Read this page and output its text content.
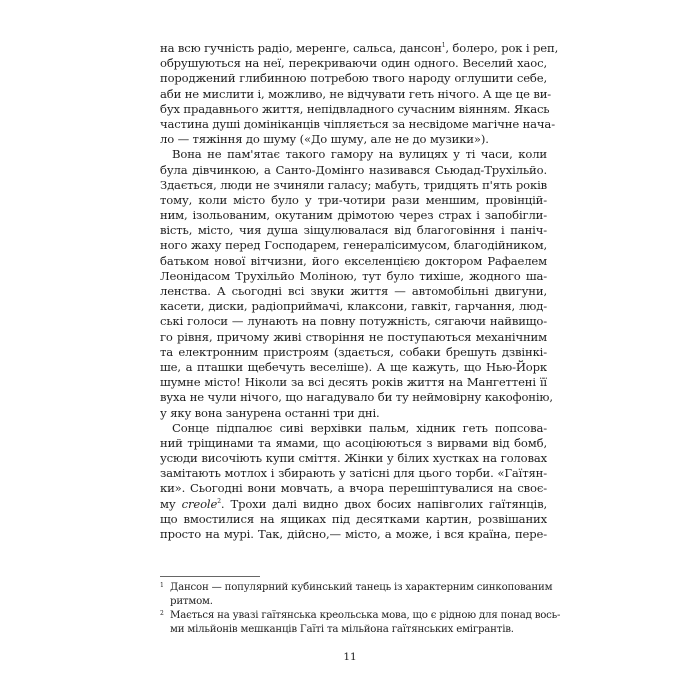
на всю гучність радіо, меренге, сальса, дансон$^1$, болеро, рок і реп,
обрушуються на неї, перекриваючи один одного. Веселий хаос,
породжений глибинною потребою твого народу оглушити себе,
аби не мислити і, можливо, не відчувати геть нічого. А ще це ви-
бух прадавнього життя, непідвладного сучасним віянням. Якась
частина душі домініканців чіпляється за несвідоме магічне нача-
ло — тяжіння до шуму («До шуму, але не до музики»).
Вона не пам'ятає такого гамору на вулицях у ті часи, коли
була дівчинкою, а Санто-Домінго називався Сьюдад-Трухільйо.
Здається, люди не зчиняли галасу; мабуть, тридцять п'ять років
тому, коли місто було у три-чотири рази меншим, провінцій-
ним, ізольованим, окутаним дрімотою через страх і запобігли-
вість, місто, чия душа зіщулювалася від благоговіння і паніч-
ного жаху перед Господарем, генералісимусом, благодійником,
батьком нової вітчизни, його екселенцією доктором Рафаелем
Леонідасом Трухільйо Моліною, тут було тихіше, жодного ша-
ленства. А сьогодні всі звуки життя — автомобільні двигуни,
касети, диски, радіоприймачі, клаксони, гавкіт, гарчання, люд-
ські голоси — лунають на повну потужність, сягаючи найвищо-
го рівня, причому живі створіння не поступаються механічним
та електронним пристроям (здається, собаки брешуть дзвінкі-
ше, а пташки щебечуть веселіше). А ще кажуть, що Нью-Йорк
шумне місто! Ніколи за всі десять років життя на Мангеттені її
вуха не чули нічого, що нагадувало би ту неймовірну какофонію,
у яку вона занурена останні три дні.
Сонце підпалює сиві верхівки пальм, хідник геть попсова-
ний тріщинами та ямами, що асоціюються з вирвами від бомб,
усюди височіють купи сміття. Жінки у білих хустках на головах
замітають мотлох і збирають у затісні для цього торби. «Гаїтян-
ки». Сьогодні вони мовчать, а вчора перешіптувалися на своє-
му creole$^2$. Трохи далі видно двох босих напівголих гаїтянців,
що вмостилися на ящиках під десятками картин, розвішаних
просто на мурі. Так, дійсно,— місто, а може, і вся країна, пере-
1 Дансон — популярний кубинський танець із характерним синкопованим
ритмом.
2 Мається на увазі гаїтянська креольська мова, що є рідною для понад вось-
ми мільйонів мешканців Гаїті та мільйона гаїтянських емігрантів.
11
